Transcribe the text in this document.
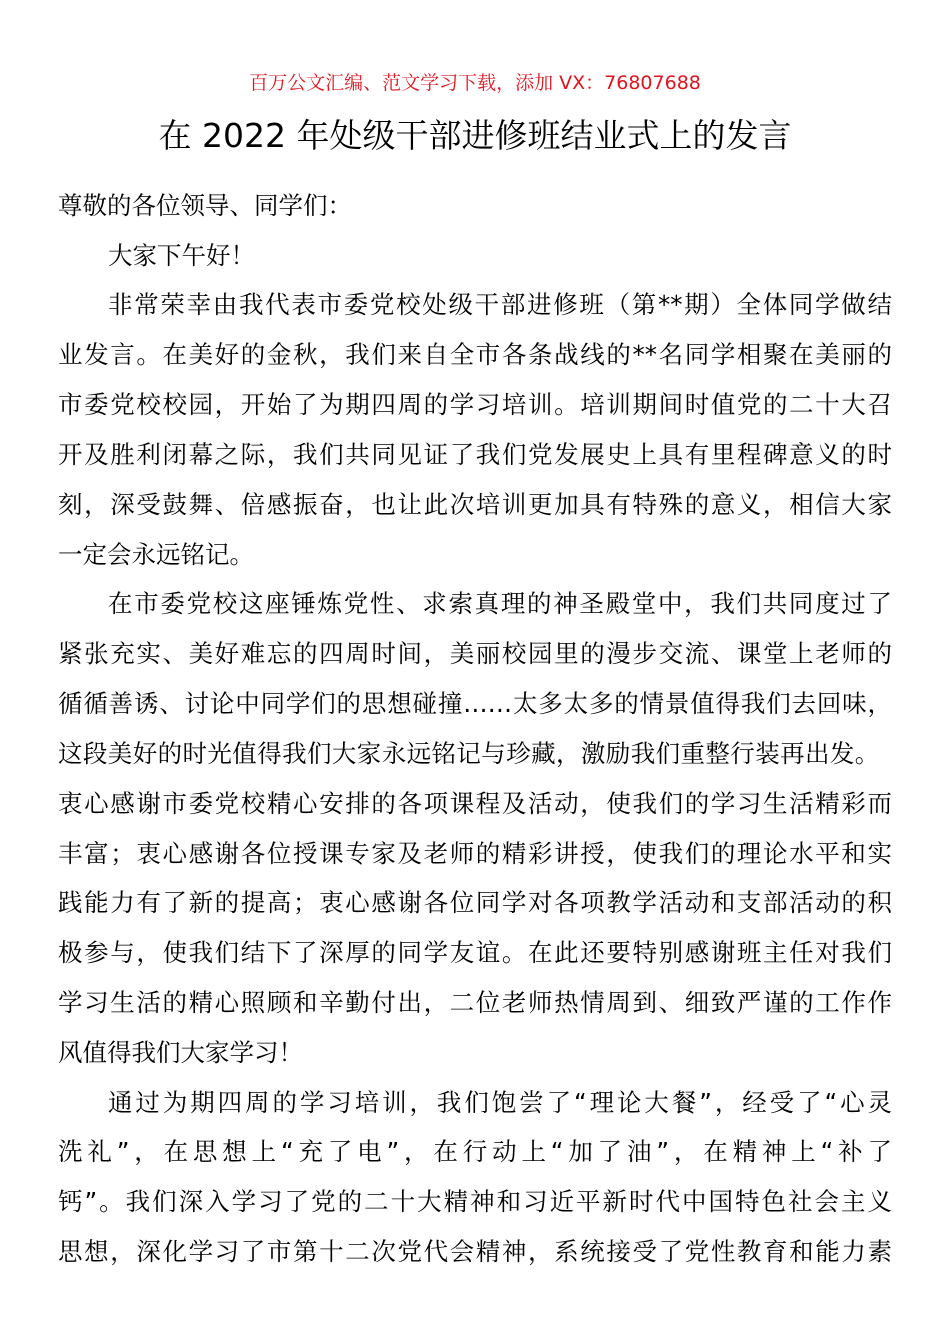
百万公文汇编、范文学习下载，添加 VX：76807688
在 2022 年处级干部进修班结业式上的发言
尊敬的各位领导、同学们：
大家下午好！
非常荣幸由我代表市委党校处级干部进修班（第**期）全体同学做结
业发言。在美好的金秋，我们来自全市各条战线的**名同学相聚在美丽的
市委党校校园，开始了为期四周的学习培训。培训期间时值党的二十大召
开及胜利闭幕之际，我们共同见证了我们党发展史上具有里程碑意义的时
刻，深受鼓舞、倍感振奋，也让此次培训更加具有特殊的意义，相信大家
一定会永远铭记。
在市委党校这座锤炼党性、求索真理的神圣殿堂中，我们共同度过了
紧张充实、美好难忘的四周时间，美丽校园里的漫步交流、课堂上老师的
循循善诱、讨论中同学们的思想碰撞……太多太多的情景值得我们去回味，
这段美好的时光值得我们大家永远铭记与珍藏，激励我们重整行装再出发。
衷心感谢市委党校精心安排的各项课程及活动，使我们的学习生活精彩而
丰富；衷心感谢各位授课专家及老师的精彩讲授，使我们的理论水平和实
践能力有了新的提高；衷心感谢各位同学对各项教学活动和支部活动的积
极参与，使我们结下了深厚的同学友谊。在此还要特别感谢班主任对我们
学习生活的精心照顾和辛勤付出，二位老师热情周到、细致严谨的工作作
风值得我们大家学习！
通过为期四周的学习培训，我们饱尝了“理论大餐”，经受了“心灵
洗礼”，在思想上“充了电”，在行动上“加了油”，在精神上“补了
钙”。我们深入学习了党的二十大精神和习近平新时代中国特色社会主义
思想，深化学习了市第十二次党代会精神，系统接受了党性教育和能力素
